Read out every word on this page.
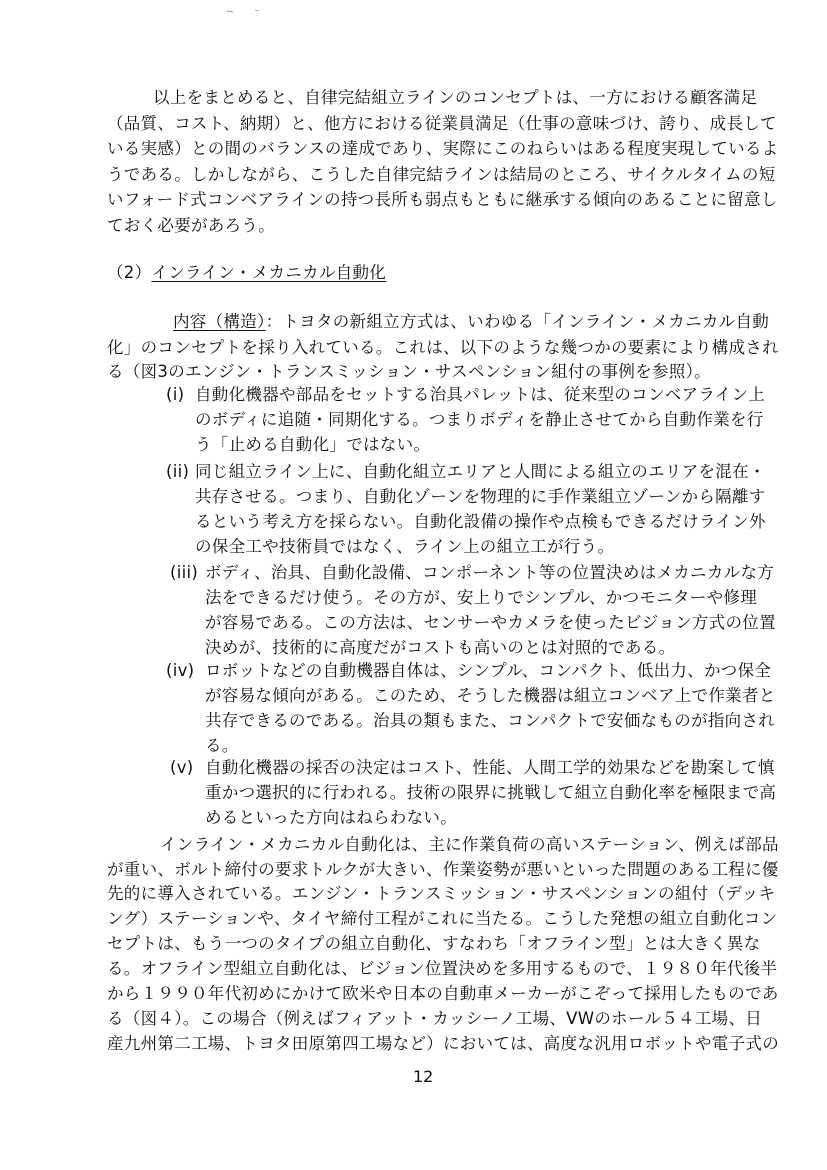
以上をまとめると、自律完結組立ラインのコンセプトは、一方における顧客満足
（品質、コスト、納期）と、他方における従業員満足（仕事の意味づけ、誇り、成長して
いる実感）との間のバランスの達成であり、実際にこのねらいはある程度実現しているよ
うである。しかしながら、こうした自律完結ラインは結局のところ、サイクルタイムの短
いフォード式コンベアラインの持つ長所も弱点もともに継承する傾向のあることに留意し
ておく必要があろう。
（2）インライン・メカニカル自動化
内容（構造）：トヨタの新組立方式は、いわゆる「インライン・メカニカル自動
化」のコンセプトを採り入れている。これは、以下のような幾つかの要素により構成され
る（図3のエンジン・トランスミッション・サスペンション組付の事例を参照）。
(i) 自動化機器や部品をセットする治具パレットは、従来型のコンベアライン上
のボディに追随・同期化する。つまりボディを静止させてから自動作業を行
う「止める自動化」ではない。
(ii) 同じ組立ライン上に、自動化組立エリアと人間による組立のエリアを混在・
共存させる。つまり、自動化ゾーンを物理的に手作業組立ゾーンから隔離す
るという考え方を採らない。自動化設備の操作や点検もできるだけライン外
の保全工や技術員ではなく、ライン上の組立工が行う。
(iii) ボディ、治具、自動化設備、コンポーネント等の位置決めはメカニカルな方
法をできるだけ使う。その方が、安上りでシンプル、かつモニターや修理
が容易である。この方法は、センサーやカメラを使ったビジョン方式の位置
決めが、技術的に高度だがコストも高いのとは対照的である。
(iv) ロボットなどの自動機器自体は、シンプル、コンパクト、低出力、かつ保全
が容易な傾向がある。このため、そうした機器は組立コンベア上で作業者と
共存できるのである。治具の類もまた、コンパクトで安価なものが指向され
る。
(v) 自動化機器の採否の決定はコスト、性能、人間工学的効果などを勘案して慎
重かつ選択的に行われる。技術の限界に挑戦して組立自動化率を極限まで高
めるといった方向はねらわない。
12
インライン・メカニカル自動化は、主に作業負荷の高いステーション、例えば部品
が重い、ボルト締付の要求トルクが大きい、作業姿勢が悪いといった問題のある工程に優
先的に導入されている。エンジン・トランスミッション・サスペンションの組付（デッキ
ング）ステーションや、タイヤ締付工程がこれに当たる。こうした発想の組立自動化コン
セプトは、もう一つのタイプの組立自動化、すなわち「オフライン型」とは大きく異な
る。オフライン型組立自動化は、ビジョン位置決めを多用するもので、１９８０年代後半
から１９９０年代初めにかけて欧米や日本の自動車メーカーがこぞって採用したものであ
る（図４）。この場合（例えばフィアット・カッシーノ工場、VWのホール５４工場、日
産九州第二工場、トヨタ田原第四工場など）においては、高度な汎用ロボットや電子式の
